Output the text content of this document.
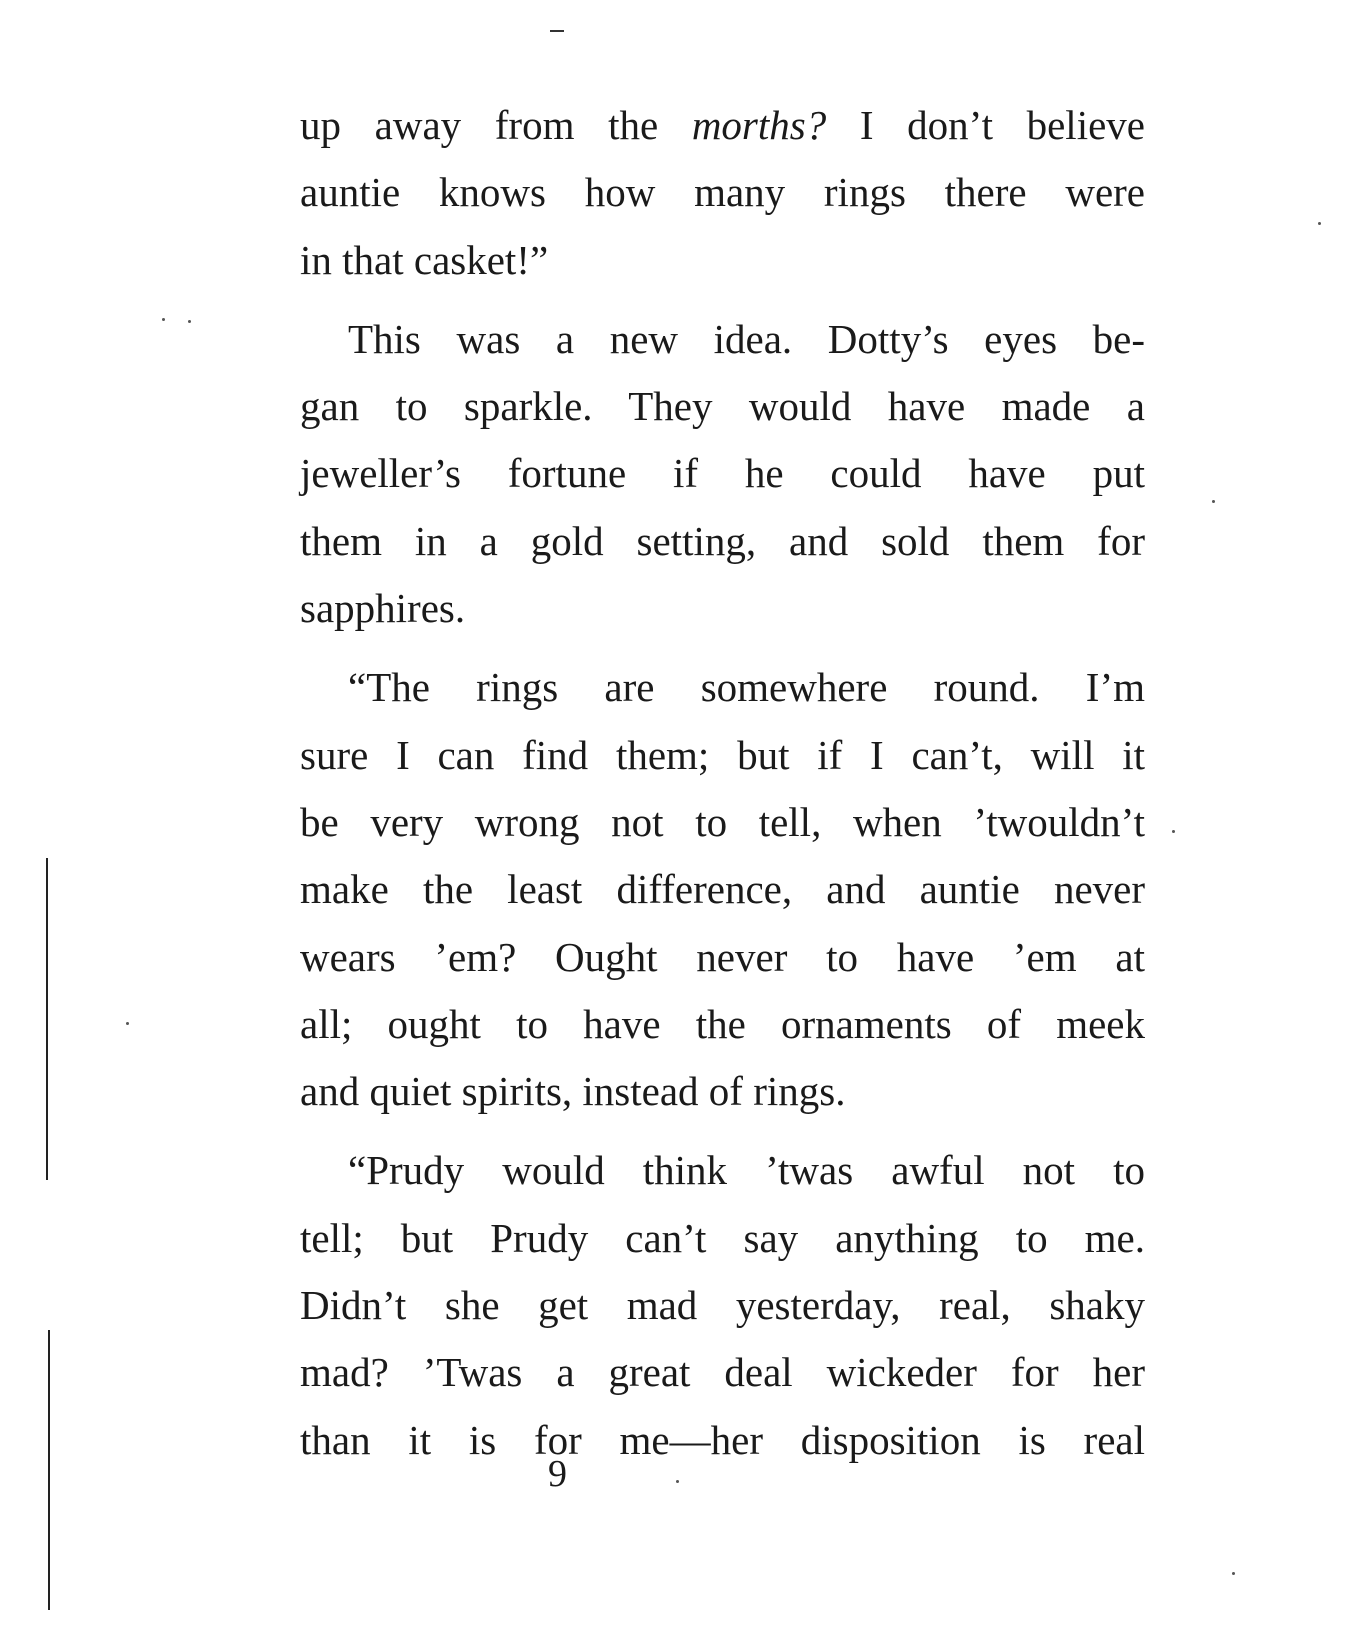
up away from the morths? I don’t believe
auntie knows how many rings there were
in that casket!”
This was a new idea. Dotty’s eyes be-
gan to sparkle. They would have made a
jeweller’s fortune if he could have put
them in a gold setting, and sold them for
sapphires.
“The rings are somewhere round. I’m
sure I can find them; but if I can’t, will it
be very wrong not to tell, when ’twouldn’t
make the least difference, and auntie never
wears ’em? Ought never to have ’em at
all; ought to have the ornaments of meek
and quiet spirits, instead of rings.
“Prudy would think ’twas awful not to
tell; but Prudy can’t say anything to me.
Didn’t she get mad yesterday, real, shaky
mad? ’Twas a great deal wickeder for her
than it is for me—her disposition is real
9
